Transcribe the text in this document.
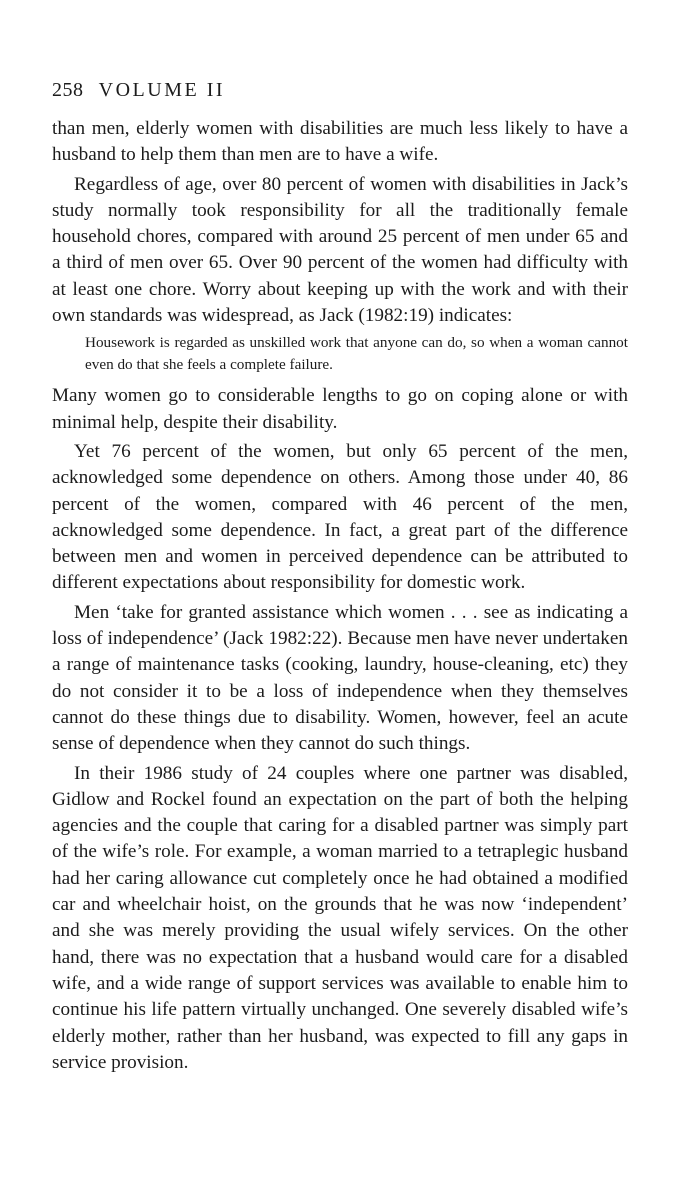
258 VOLUME II

than men, elderly women with disabilities are much less likely to have a husband to help them than men are to have a wife.

Regardless of age, over 80 percent of women with disabilities in Jack’s study normally took responsibility for all the traditionally female household chores, compared with around 25 percent of men under 65 and a third of men over 65. Over 90 percent of the women had difficulty with at least one chore. Worry about keeping up with the work and with their own standards was widespread, as Jack (1982:19) indicates:

Housework is regarded as unskilled work that anyone can do, so when a woman cannot even do that she feels a complete failure.

Many women go to considerable lengths to go on coping alone or with minimal help, despite their disability.

Yet 76 percent of the women, but only 65 percent of the men, acknowledged some dependence on others. Among those under 40, 86 percent of the women, compared with 46 percent of the men, acknowledged some dependence. In fact, a great part of the difference between men and women in perceived dependence can be attributed to different expectations about responsibility for domestic work.

Men ‘take for granted assistance which women . . . see as indicating a loss of independence’ (Jack 1982:22). Because men have never undertaken a range of maintenance tasks (cooking, laundry, house-cleaning, etc) they do not consider it to be a loss of independence when they themselves cannot do these things due to disability. Women, however, feel an acute sense of dependence when they cannot do such things.

In their 1986 study of 24 couples where one partner was disabled, Gidlow and Rockel found an expectation on the part of both the helping agencies and the couple that caring for a disabled partner was simply part of the wife’s role. For example, a woman married to a tetraplegic husband had her caring allowance cut completely once he had obtained a modified car and wheelchair hoist, on the grounds that he was now ‘independent’ and she was merely providing the usual wifely services. On the other hand, there was no expectation that a husband would care for a disabled wife, and a wide range of support services was available to enable him to continue his life pattern virtually unchanged. One severely disabled wife’s elderly mother, rather than her husband, was expected to fill any gaps in service provision.
